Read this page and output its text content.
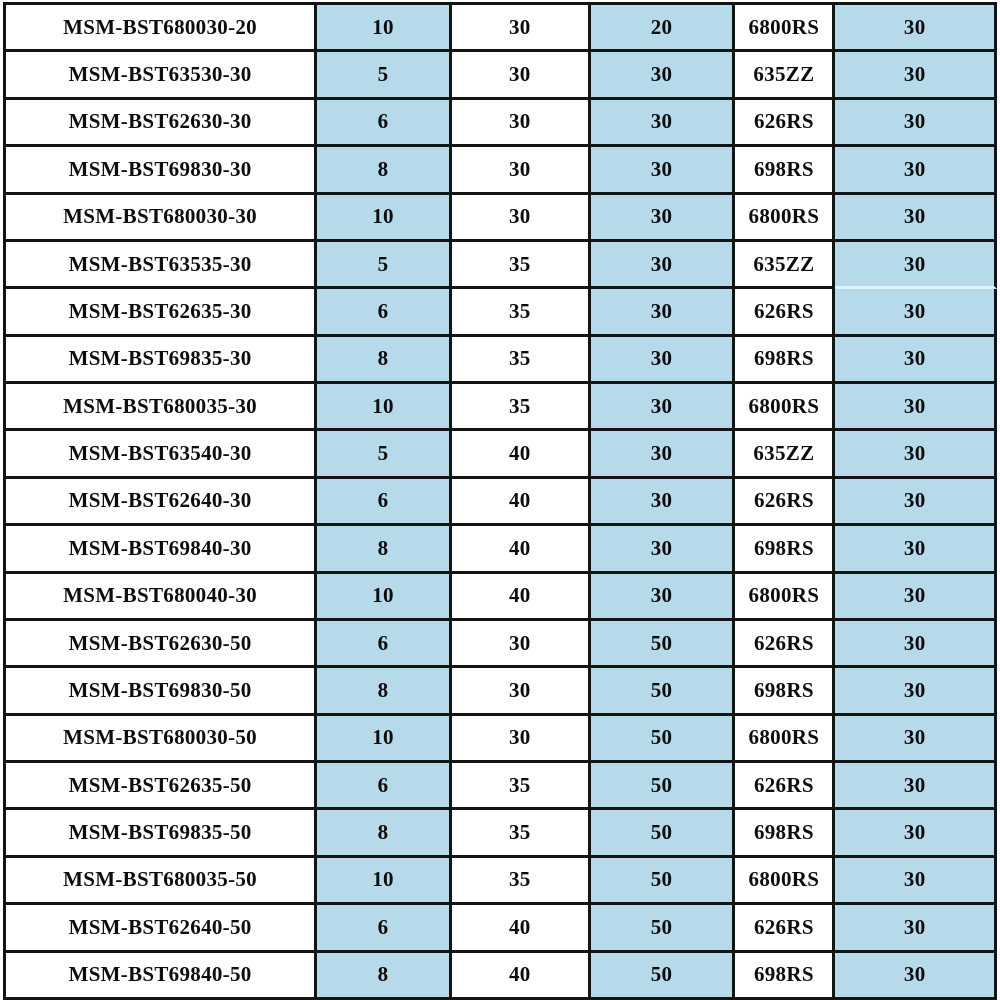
MSM-BST680030-20	10	30	20	6800RS	30
MSM-BST63530-30	5	30	30	635ZZ	30
MSM-BST62630-30	6	30	30	626RS	30
MSM-BST69830-30	8	30	30	698RS	30
MSM-BST680030-30	10	30	30	6800RS	30
MSM-BST63535-30	5	35	30	635ZZ	30
MSM-BST62635-30	6	35	30	626RS	30
MSM-BST69835-30	8	35	30	698RS	30
MSM-BST680035-30	10	35	30	6800RS	30
MSM-BST63540-30	5	40	30	635ZZ	30
MSM-BST62640-30	6	40	30	626RS	30
MSM-BST69840-30	8	40	30	698RS	30
MSM-BST680040-30	10	40	30	6800RS	30
MSM-BST62630-50	6	30	50	626RS	30
MSM-BST69830-50	8	30	50	698RS	30
MSM-BST680030-50	10	30	50	6800RS	30
MSM-BST62635-50	6	35	50	626RS	30
MSM-BST69835-50	8	35	50	698RS	30
MSM-BST680035-50	10	35	50	6800RS	30
MSM-BST62640-50	6	40	50	626RS	30
MSM-BST69840-50	8	40	50	698RS	30
